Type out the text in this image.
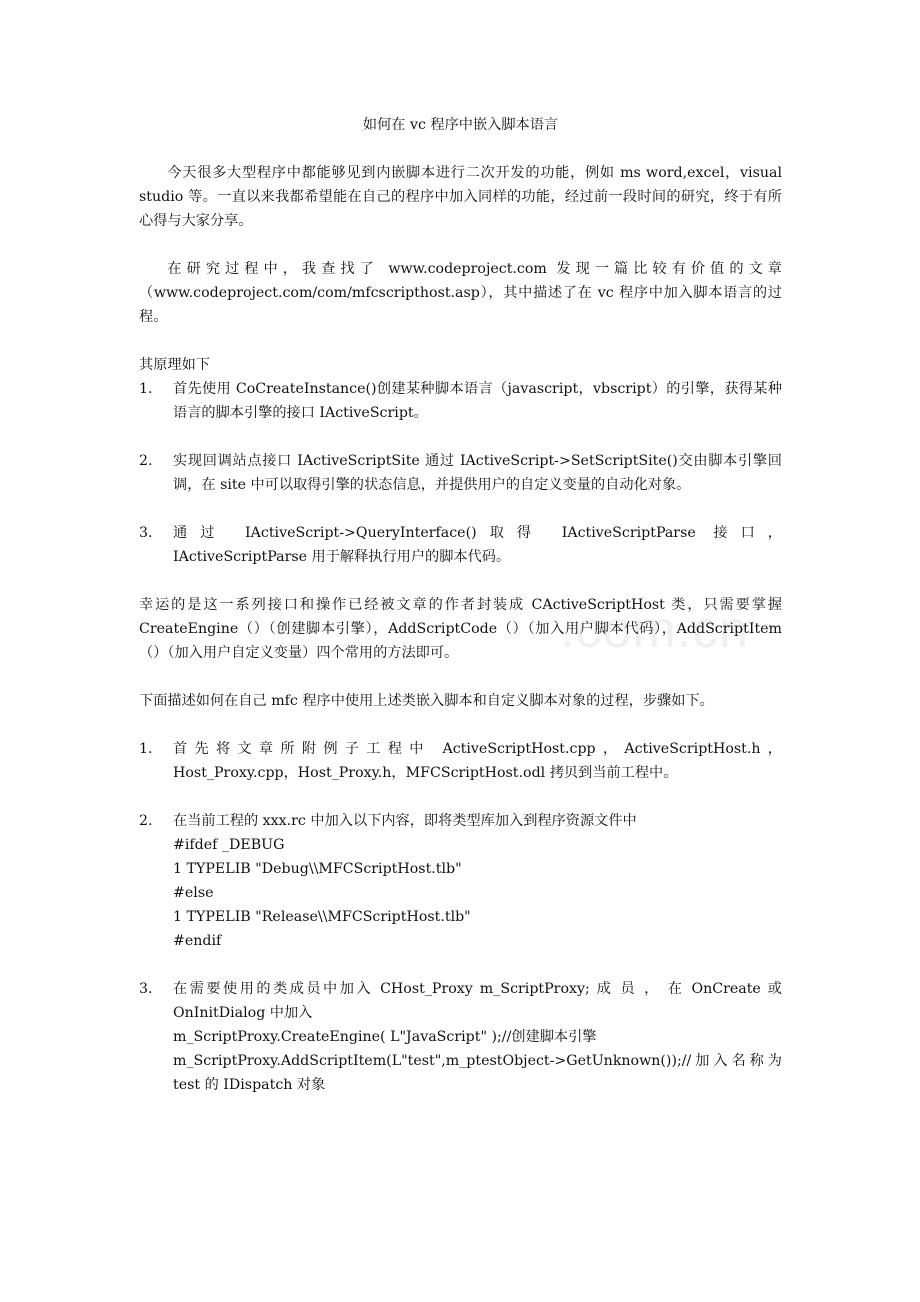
.com.cn
如何在 vc 程序中嵌入脚本语言

今天很多大型程序中都能够见到内嵌脚本进行二次开发的功能，例如 ms word,excel，visual studio 等。一直以来我都希望能在自己的程序中加入同样的功能，经过前一段时间的研究，终于有所心得与大家分享。

在研究过程中，我查找了 www.codeproject.com 发现一篇比较有价值的文章（www.codeproject.com/com/mfcscripthost.asp），其中描述了在 vc 程序中加入脚本语言的过程。

其原理如下

1. 首先使用 CoCreateInstance()创建某种脚本语言（javascript，vbscript）的引擎，获得某种语言的脚本引擎的接口 IActiveScript。
2. 实现回调站点接口 IActiveScriptSite 通过 IActiveScript->SetScriptSite()交由脚本引擎回调，在 site 中可以取得引擎的状态信息，并提供用户的自定义变量的自动化对象。
3. 通过 IActiveScript->QueryInterface()取得 IActiveScriptParse 接口，IActiveScriptParse 用于解释执行用户的脚本代码。

幸运的是这一系列接口和操作已经被文章的作者封装成 CActiveScriptHost 类，只需要掌握 CreateEngine（）（创建脚本引擎），AddScriptCode（）（加入用户脚本代码），AddScriptItem（）（加入用户自定义变量）四个常用的方法即可。

下面描述如何在自己 mfc 程序中使用上述类嵌入脚本和自定义脚本对象的过程，步骤如下。

1. 首先将文章所附例子工程中 ActiveScriptHost.cpp，ActiveScriptHost.h，Host_Proxy.cpp，Host_Proxy.h，MFCScriptHost.odl 拷贝到当前工程中。
2. 在当前工程的 xxx.rc 中加入以下内容，即将类型库加入到程序资源文件中
#ifdef _DEBUG
1 TYPELIB "Debug\\MFCScriptHost.tlb"
#else
1 TYPELIB "Release\\MFCScriptHost.tlb"
#endif
3. 在需要使用的类成员中加入 CHost_Proxy m_ScriptProxy; 成 员 ， 在 OnCreate 或 OnInitDialog 中加入
m_ScriptProxy.CreateEngine( L"JavaScript" );//创建脚本引擎
m_ScriptProxy.AddScriptItem(L"test",m_ptestObject->GetUnknown());//加入名称为 test 的 IDispatch 对象
